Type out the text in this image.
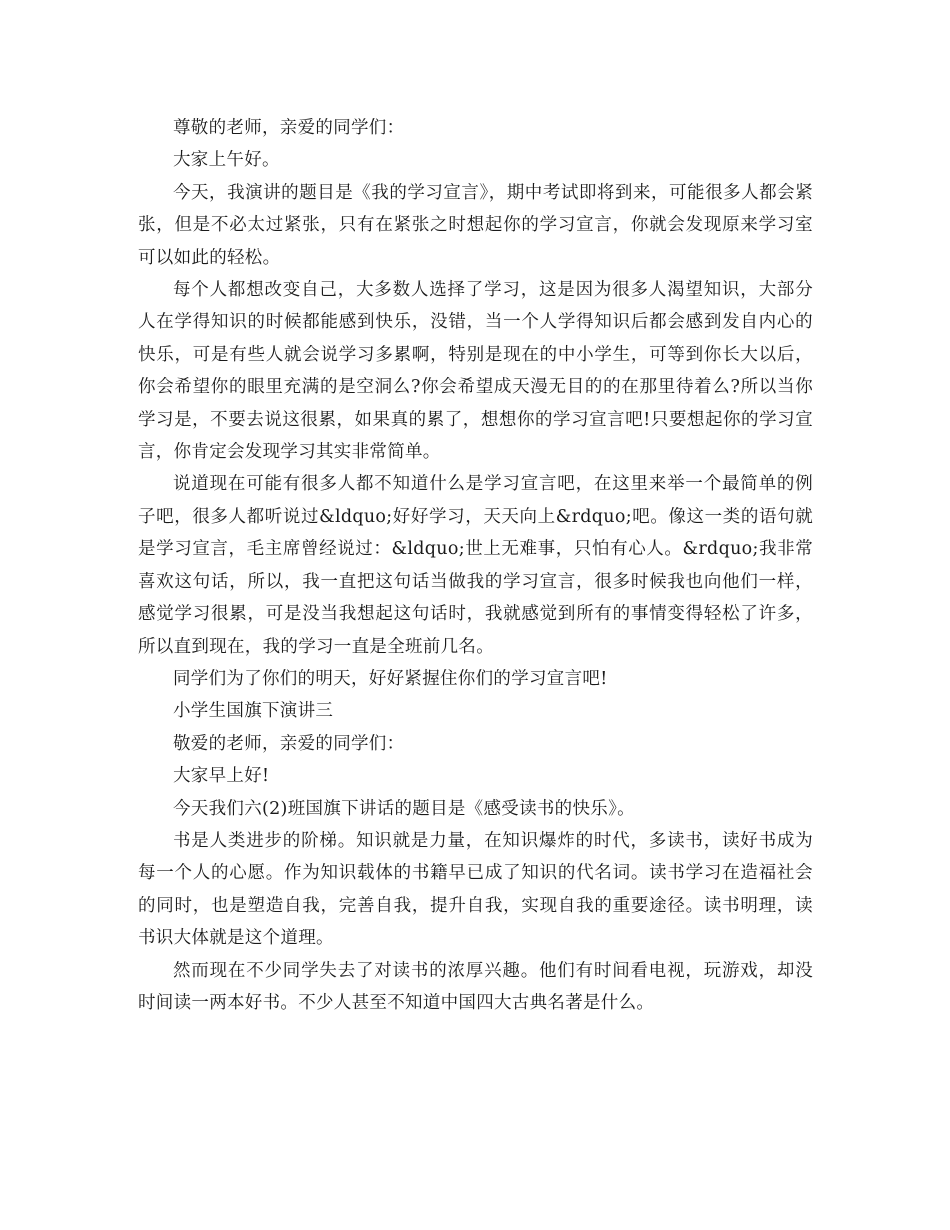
尊敬的老师，亲爱的同学们：

大家上午好。

今天，我演讲的题目是《我的学习宣言》，期中考试即将到来，可能很多人都会紧张，但是不必太过紧张，只有在紧张之时想起你的学习宣言，你就会发现原来学习室可以如此的轻松。

每个人都想改变自己，大多数人选择了学习，这是因为很多人渴望知识，大部分人在学得知识的时候都能感到快乐，没错，当一个人学得知识后都会感到发自内心的快乐，可是有些人就会说学习多累啊，特别是现在的中小学生，可等到你长大以后，你会希望你的眼里充满的是空洞么?你会希望成天漫无目的的在那里待着么?所以当你学习是，不要去说这很累，如果真的累了，想想你的学习宣言吧!只要想起你的学习宣言，你肯定会发现学习其实非常简单。

说道现在可能有很多人都不知道什么是学习宣言吧，在这里来举一个最简单的例子吧，很多人都听说过&ldquo;好好学习，天天向上&rdquo;吧。像这一类的语句就是学习宣言，毛主席曾经说过：&ldquo;世上无难事，只怕有心人。&rdquo;我非常喜欢这句话，所以，我一直把这句话当做我的学习宣言，很多时候我也向他们一样，感觉学习很累，可是没当我想起这句话时，我就感觉到所有的事情变得轻松了许多，所以直到现在，我的学习一直是全班前几名。

同学们为了你们的明天，好好紧握住你们的学习宣言吧!

小学生国旗下演讲三

敬爱的老师，亲爱的同学们：

大家早上好!

今天我们六(2)班国旗下讲话的题目是《感受读书的快乐》。

书是人类进步的阶梯。知识就是力量，在知识爆炸的时代，多读书，读好书成为每一个人的心愿。作为知识载体的书籍早已成了知识的代名词。读书学习在造福社会的同时，也是塑造自我，完善自我，提升自我，实现自我的重要途径。读书明理，读书识大体就是这个道理。

然而现在不少同学失去了对读书的浓厚兴趣。他们有时间看电视，玩游戏，却没时间读一两本好书。不少人甚至不知道中国四大古典名著是什么。
